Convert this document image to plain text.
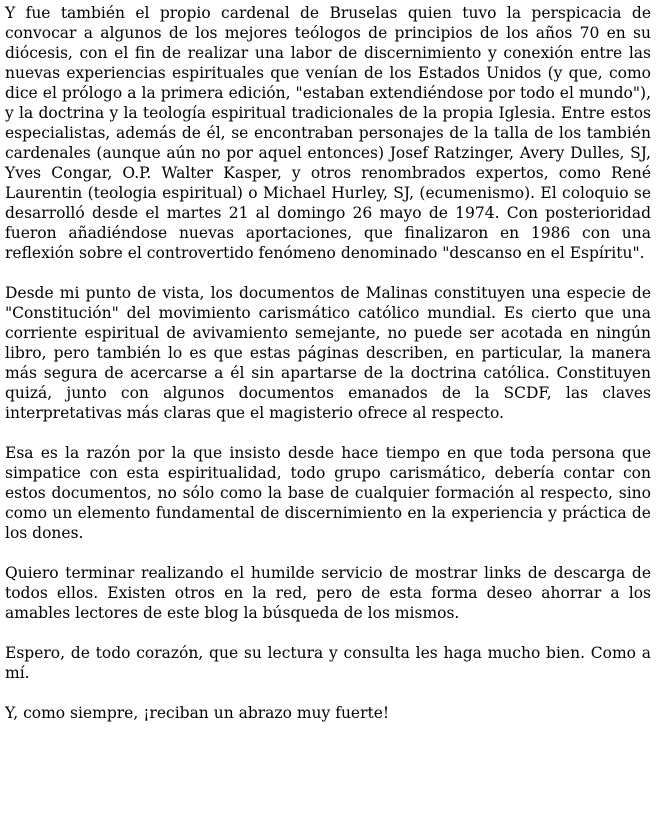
Y fue también el propio cardenal de Bruselas quien tuvo la perspicacia de convocar a algunos de los mejores teólogos de principios de los años 70 en su diócesis, con el fin de realizar una labor de discernimiento y conexión entre las nuevas experiencias espirituales que venían de los Estados Unidos (y que, como dice el prólogo a la primera edición, "estaban extendiéndose por todo el mundo"), y la doctrina y la teología espiritual tradicionales de la propia Iglesia. Entre estos especialistas, además de él, se encontraban personajes de la talla de los también cardenales (aunque aún no por aquel entonces) Josef Ratzinger, Avery Dulles, SJ, Yves Congar, O.P. Walter Kasper, y otros renombrados expertos, como René Laurentin (teologia espiritual) o Michael Hurley, SJ, (ecumenismo). El coloquio se desarrolló desde el martes 21 al domingo 26 mayo de 1974. Con posterioridad fueron añadiéndose nuevas aportaciones, que finalizaron en 1986 con una reflexión sobre el controvertido fenómeno denominado "descanso en el Espíritu".

Desde mi punto de vista, los documentos de Malinas constituyen una especie de "Constitución" del movimiento carismático católico mundial. Es cierto que una corriente espiritual de avivamiento semejante, no puede ser acotada en ningún libro, pero también lo es que estas páginas describen, en particular, la manera más segura de acercarse a él sin apartarse de la doctrina católica. Constituyen quizá, junto con algunos documentos emanados de la SCDF, las claves interpretativas más claras que el magisterio ofrece al respecto.

Esa es la razón por la que insisto desde hace tiempo en que toda persona que simpatice con esta espiritualidad, todo grupo carismático, debería contar con estos documentos, no sólo como la base de cualquier formación al respecto, sino como un elemento fundamental de discernimiento en la experiencia y práctica de los dones.

Quiero terminar realizando el humilde servicio de mostrar links de descarga de todos ellos. Existen otros en la red, pero de esta forma deseo ahorrar a los amables lectores de este blog la búsqueda de los mismos.

Espero, de todo corazón, que su lectura y consulta les haga mucho bien. Como a mí.

Y, como siempre, ¡reciban un abrazo muy fuerte!
